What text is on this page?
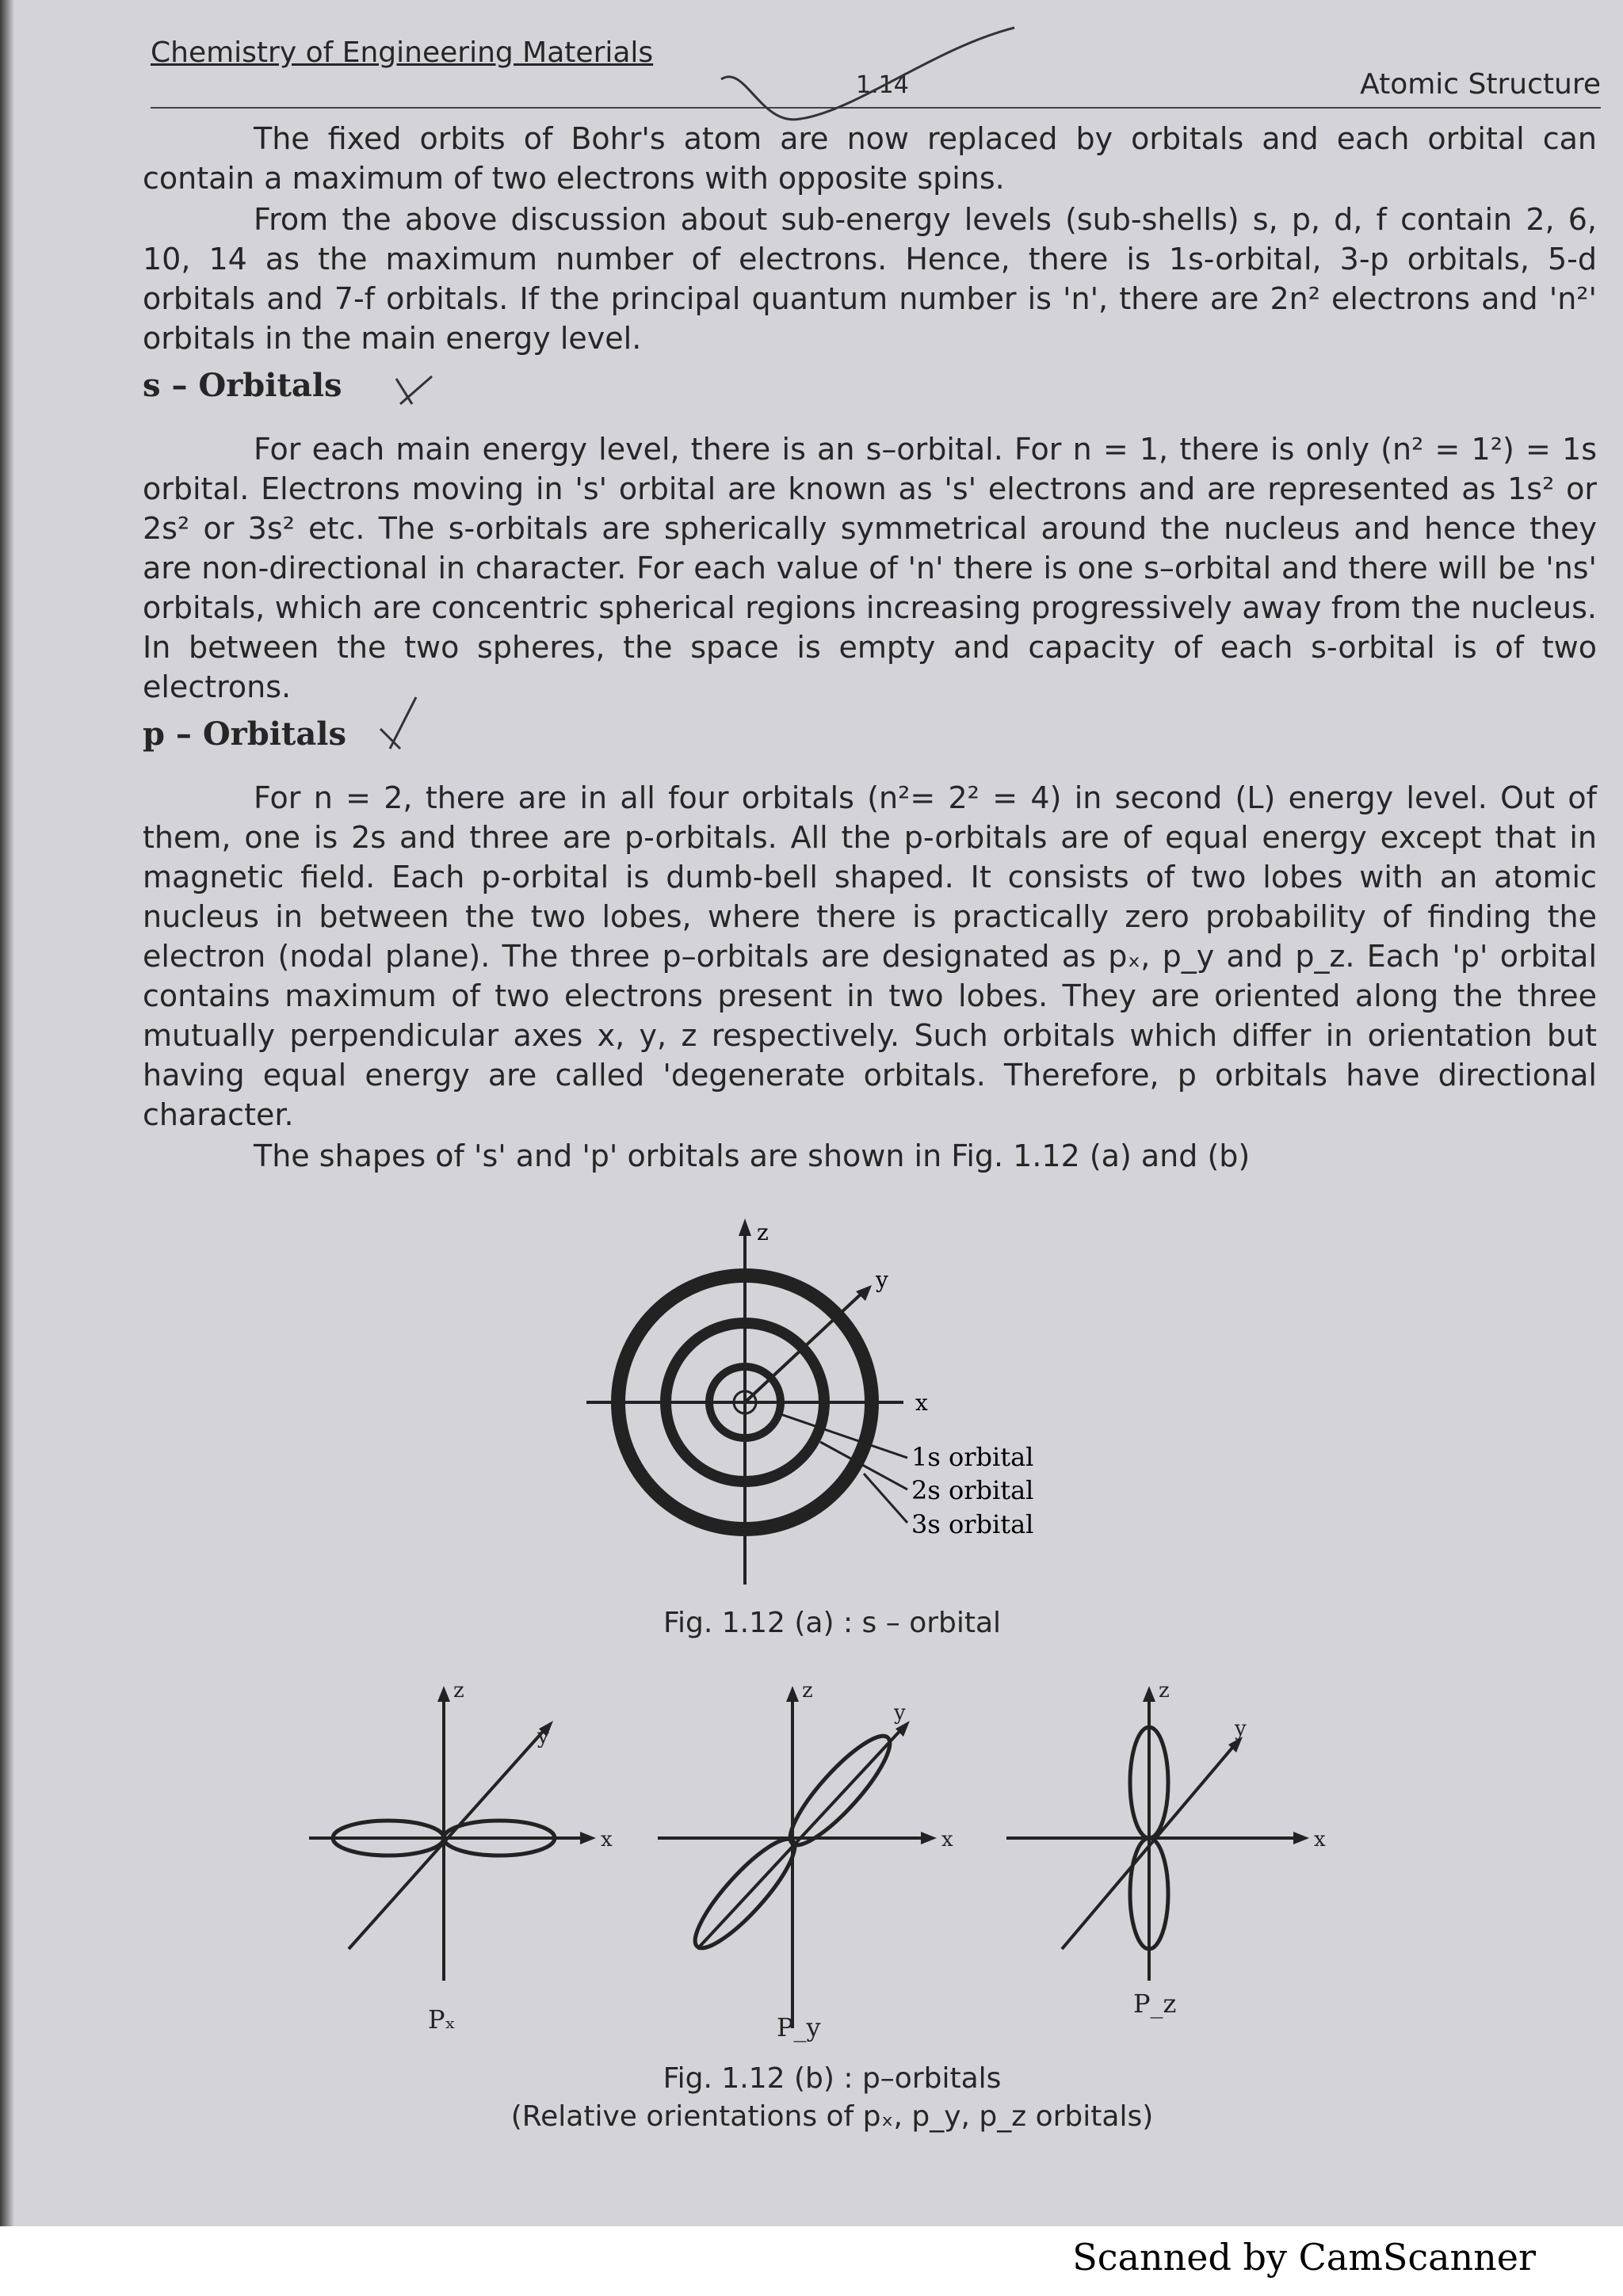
Chemistry of Engineering Materials
1.14	Atomic Structure

The fixed orbits of Bohr's atom are now replaced by orbitals and each orbital can contain a maximum of two electrons with opposite spins.

From the above discussion about sub-energy levels (sub-shells) s, p, d, f contain 2, 6, 10, 14 as the maximum number of electrons. Hence, there is 1s-orbital, 3-p orbitals, 5-d orbitals and 7-f orbitals. If the principal quantum number is 'n', there are 2n² electrons and 'n²' orbitals in the main energy level.

s – Orbitals

For each main energy level, there is an s–orbital. For n = 1, there is only (n² = 1²) = 1s orbital. Electrons moving in 's' orbital are known as 's' electrons and are represented as 1s² or 2s² or 3s² etc. The s-orbitals are spherically symmetrical around the nucleus and hence they are non-directional in character. For each value of 'n' there is one s–orbital and there will be 'ns' orbitals, which are concentric spherical regions increasing progressively away from the nucleus. In between the two spheres, the space is empty and capacity of each s-orbital is of two electrons.

p – Orbitals

For n = 2, there are in all four orbitals (n²= 2² = 4) in second (L) energy level. Out of them, one is 2s and three are p-orbitals. All the p-orbitals are of equal energy except that in magnetic field. Each p-orbital is dumb-bell shaped. It consists of two lobes with an atomic nucleus in between the two lobes, where there is practically zero probability of finding the electron (nodal plane). The three p–orbitals are designated as pₓ, p_y and p_z. Each 'p' orbital contains maximum of two electrons present in two lobes. They are oriented along the three mutually perpendicular axes x, y, z respectively. Such orbitals which differ in orientation but having equal energy are called 'degenerate orbitals. Therefore, p orbitals have directional character.

The shapes of 's' and 'p' orbitals are shown in Fig. 1.12 (a) and (b)

z
y
x
1s orbital
2s orbital
3s orbital
Fig. 1.12 (a) : s – orbital
z
y
x
z
y
x
z
y
x
Pₓ	P_y
P_z
Fig. 1.12 (b) : p–orbitals
(Relative orientations of pₓ, p_y, p_z orbitals)
Scanned by CamScanner
